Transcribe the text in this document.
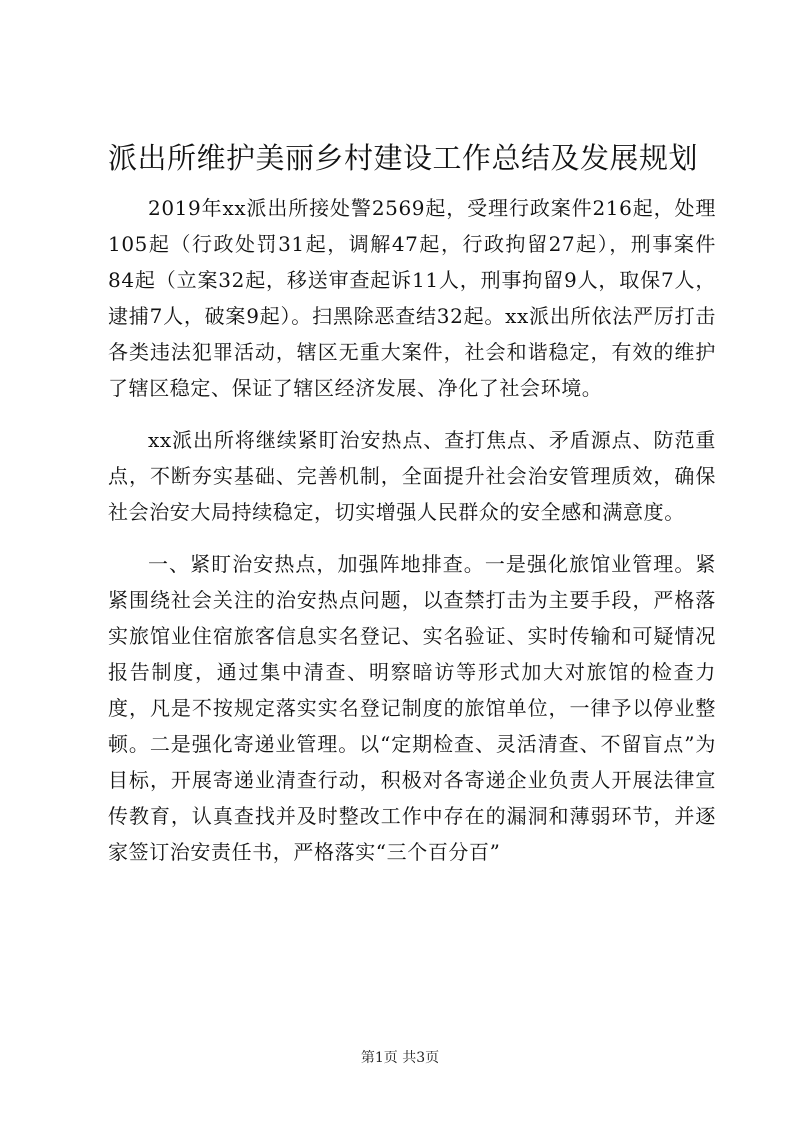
派出所维护美丽乡村建设工作总结及发展规划

2019年xx派出所接处警2569起，受理行政案件216起，处理105起（行政处罚31起，调解47起，行政拘留27起），刑事案件84起（立案32起，移送审查起诉11人，刑事拘留9人，取保7人，逮捕7人，破案9起）。扫黑除恶查结32起。xx派出所依法严厉打击各类违法犯罪活动，辖区无重大案件，社会和谐稳定，有效的维护了辖区稳定、保证了辖区经济发展、净化了社会环境。

xx派出所将继续紧盯治安热点、查打焦点、矛盾源点、防范重点，不断夯实基础、完善机制，全面提升社会治安管理质效，确保社会治安大局持续稳定，切实增强人民群众的安全感和满意度。

一、紧盯治安热点，加强阵地排查。一是强化旅馆业管理。紧紧围绕社会关注的治安热点问题，以查禁打击为主要手段，严格落实旅馆业住宿旅客信息实名登记、实名验证、实时传输和可疑情况报告制度，通过集中清查、明察暗访等形式加大对旅馆的检查力度，凡是不按规定落实实名登记制度的旅馆单位，一律予以停业整顿。二是强化寄递业管理。以“定期检查、灵活清查、不留盲点”为目标，开展寄递业清查行动，积极对各寄递企业负责人开展法律宣传教育，认真查找并及时整改工作中存在的漏洞和薄弱环节，并逐家签订治安责任书，严格落实“三个百分百”

第1页 共3页
